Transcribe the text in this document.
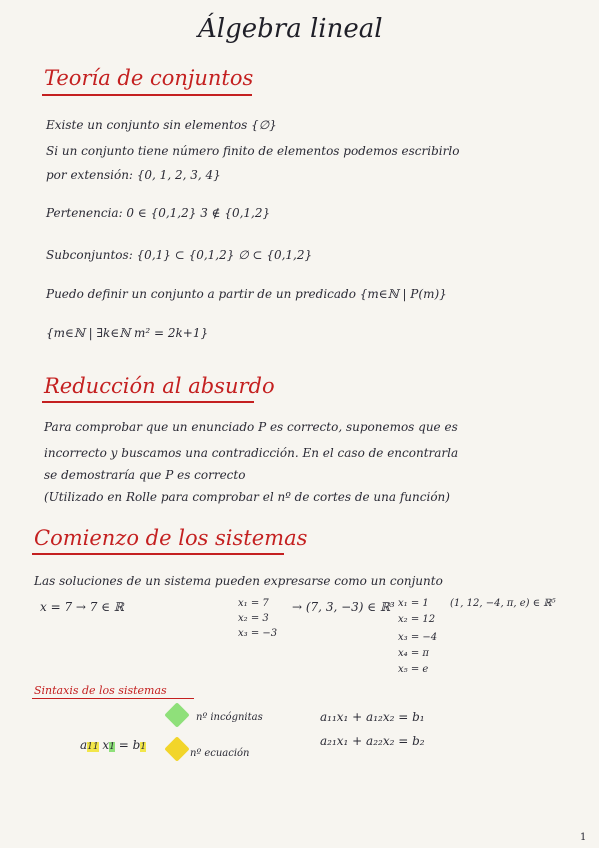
Álgebra lineal
Teoría de conjuntos
Existe un conjunto sin elementos {∅}
Si un conjunto tiene número finito de elementos podemos escribirlo
por extensión: {0, 1, 2, 3, 4}
Pertenencia: 0 ∈ {0,1,2} 3 ∉ {0,1,2}
Subconjuntos: {0,1} ⊂ {0,1,2} ∅ ⊂ {0,1,2}
Puedo definir un conjunto a partir de un predicado {m∈ℕ | P(m)}
{m∈ℕ | ∃k∈ℕ m² = 2k+1}
Reducción al absurdo
Para comprobar que un enunciado P es correcto, suponemos que es
incorrecto y buscamos una contradicción. En el caso de encontrarla
se demostraría que P es correcto
(Utilizado en Rolle para comprobar el nº de cortes de una función)
Comienzo de los sistemas
Las soluciones de un sistema pueden expresarse como un conjunto
x = 7 → 7 ∈ ℝ	x₁ = 7
x₂ = 3
x₃ = −3
→ (7, 3, −3) ∈ ℝ³ x₁ = 1
x₂ = 12
x₃ = −4
x₄ = π
x₅ = e
(1, 12, −4, π, e) ∈ ℝ⁵
Sintaxis de los sistemas
nº incógnitas
nº ecuación
a11 x1 = b1
a₁₁x₁ + a₁₂x₂ = b₁
a₂₁x₁ + a₂₂x₂ = b₂
1
